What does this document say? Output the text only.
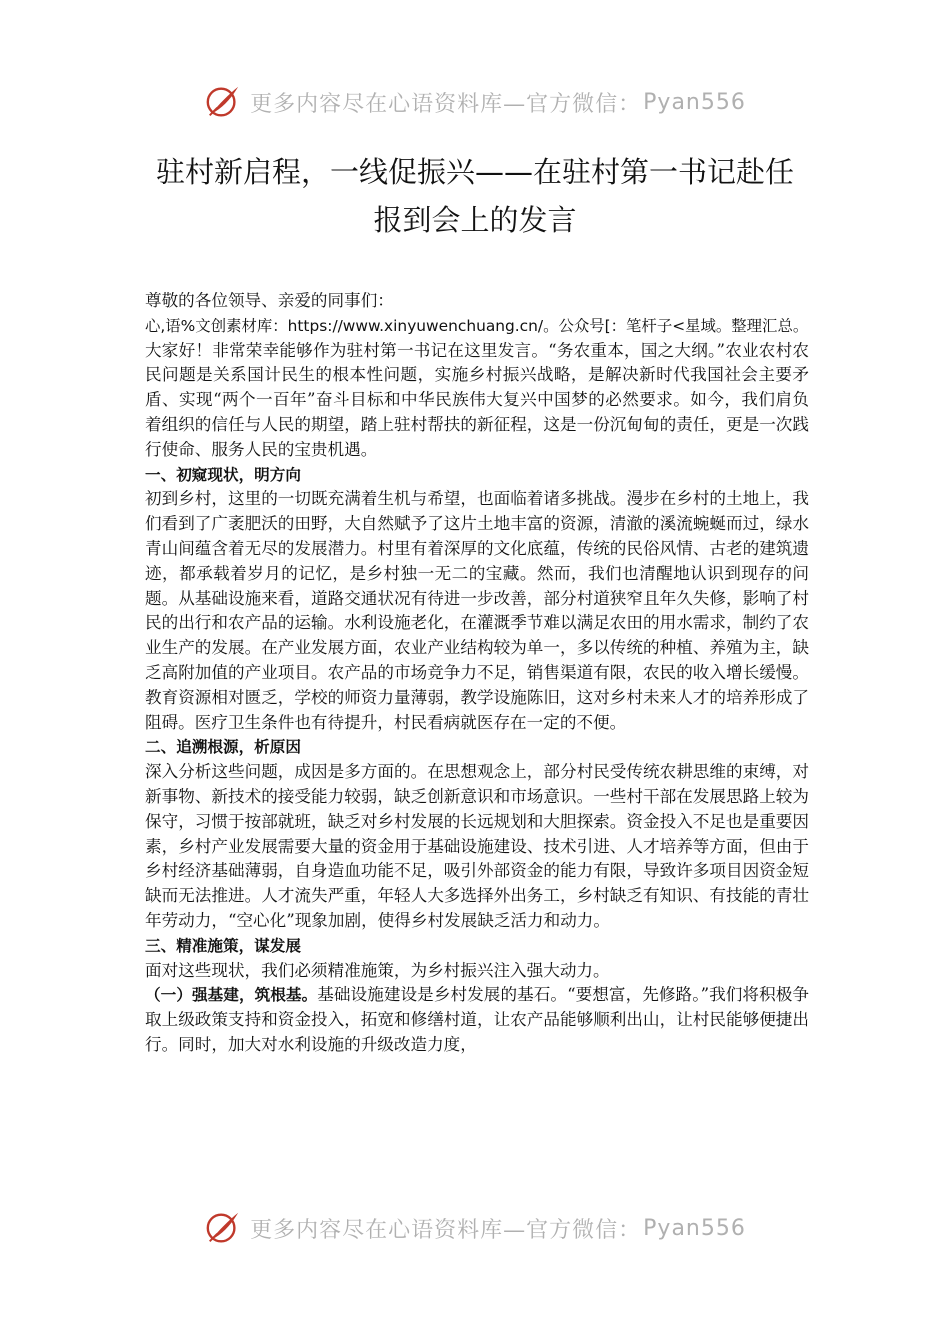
更多内容尽在心语资料库—官方微信： Pyan556
驻村新启程，一线促振兴——在驻村第一书记赴任
报到会上的发言

尊敬的各位领导、亲爱的同事们：

心,语%文创素材库：https://www.xinyuwenchuang.cn/。公众号[：笔杆子<星域。整理汇总。

大家好！非常荣幸能够作为驻村第一书记在这里发言。“务农重本，国之大纲。”农业农村农民问题是关系国计民生的根本性问题，实施乡村振兴战略，是解决新时代我国社会主要矛盾、实现“两个一百年”奋斗目标和中华民族伟大复兴中国梦的必然要求。如今，我们肩负着组织的信任与人民的期望，踏上驻村帮扶的新征程，这是一份沉甸甸的责任，更是一次践行使命、服务人民的宝贵机遇。

一、初窥现状，明方向

初到乡村，这里的一切既充满着生机与希望，也面临着诸多挑战。漫步在乡村的土地上，我们看到了广袤肥沃的田野，大自然赋予了这片土地丰富的资源，清澈的溪流蜿蜒而过，绿水青山间蕴含着无尽的发展潜力。村里有着深厚的文化底蕴，传统的民俗风情、古老的建筑遗迹，都承载着岁月的记忆，是乡村独一无二的宝藏。然而，我们也清醒地认识到现存的问题。从基础设施来看，道路交通状况有待进一步改善，部分村道狭窄且年久失修，影响了村民的出行和农产品的运输。水利设施老化，在灌溉季节难以满足农田的用水需求，制约了农业生产的发展。在产业发展方面，农业产业结构较为单一，多以传统的种植、养殖为主，缺乏高附加值的产业项目。农产品的市场竞争力不足，销售渠道有限，农民的收入增长缓慢。教育资源相对匮乏，学校的师资力量薄弱，教学设施陈旧，这对乡村未来人才的培养形成了阻碍。医疗卫生条件也有待提升，村民看病就医存在一定的不便。

二、追溯根源，析原因

深入分析这些问题，成因是多方面的。在思想观念上，部分村民受传统农耕思维的束缚，对新事物、新技术的接受能力较弱，缺乏创新意识和市场意识。一些村干部在发展思路上较为保守，习惯于按部就班，缺乏对乡村发展的长远规划和大胆探索。资金投入不足也是重要因素，乡村产业发展需要大量的资金用于基础设施建设、技术引进、人才培养等方面，但由于乡村经济基础薄弱，自身造血功能不足，吸引外部资金的能力有限，导致许多项目因资金短缺而无法推进。人才流失严重，年轻人大多选择外出务工，乡村缺乏有知识、有技能的青壮年劳动力，“空心化”现象加剧，使得乡村发展缺乏活力和动力。

三、精准施策，谋发展

面对这些现状，我们必须精准施策，为乡村振兴注入强大动力。

（一）强基建，筑根基。基础设施建设是乡村发展的基石。“要想富，先修路。”我们将积极争取上级政策支持和资金投入，拓宽和修缮村道，让农产品能够顺利出山，让村民能够便捷出行。同时，加大对水利设施的升级改造力度，

更多内容尽在心语资料库—官方微信： Pyan556
